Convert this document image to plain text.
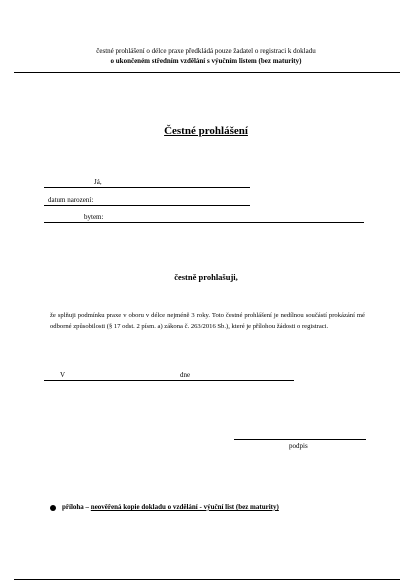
čestné prohlášení o délce praxe předkládá pouze žadatel o registraci k dokladu
o ukončeném středním vzdělání s výučním listem (bez maturity)
Čestné prohlášení
Já,
datum narození:
bytem:
čestně prohlašuji,
že splňuji podmínku praxe v oboru v délce nejméně 3 roky. Toto čestné prohlášení je nedílnou součástí prokázání mé odborné způsobilosti (§ 17 odst. 2 písm. a) zákona č. 263/2016 Sb.), které je přílohou žádosti o registraci.
V	dne
podpis
příloha – neověřená kopie dokladu o vzdělání - výuční list (bez maturity)
